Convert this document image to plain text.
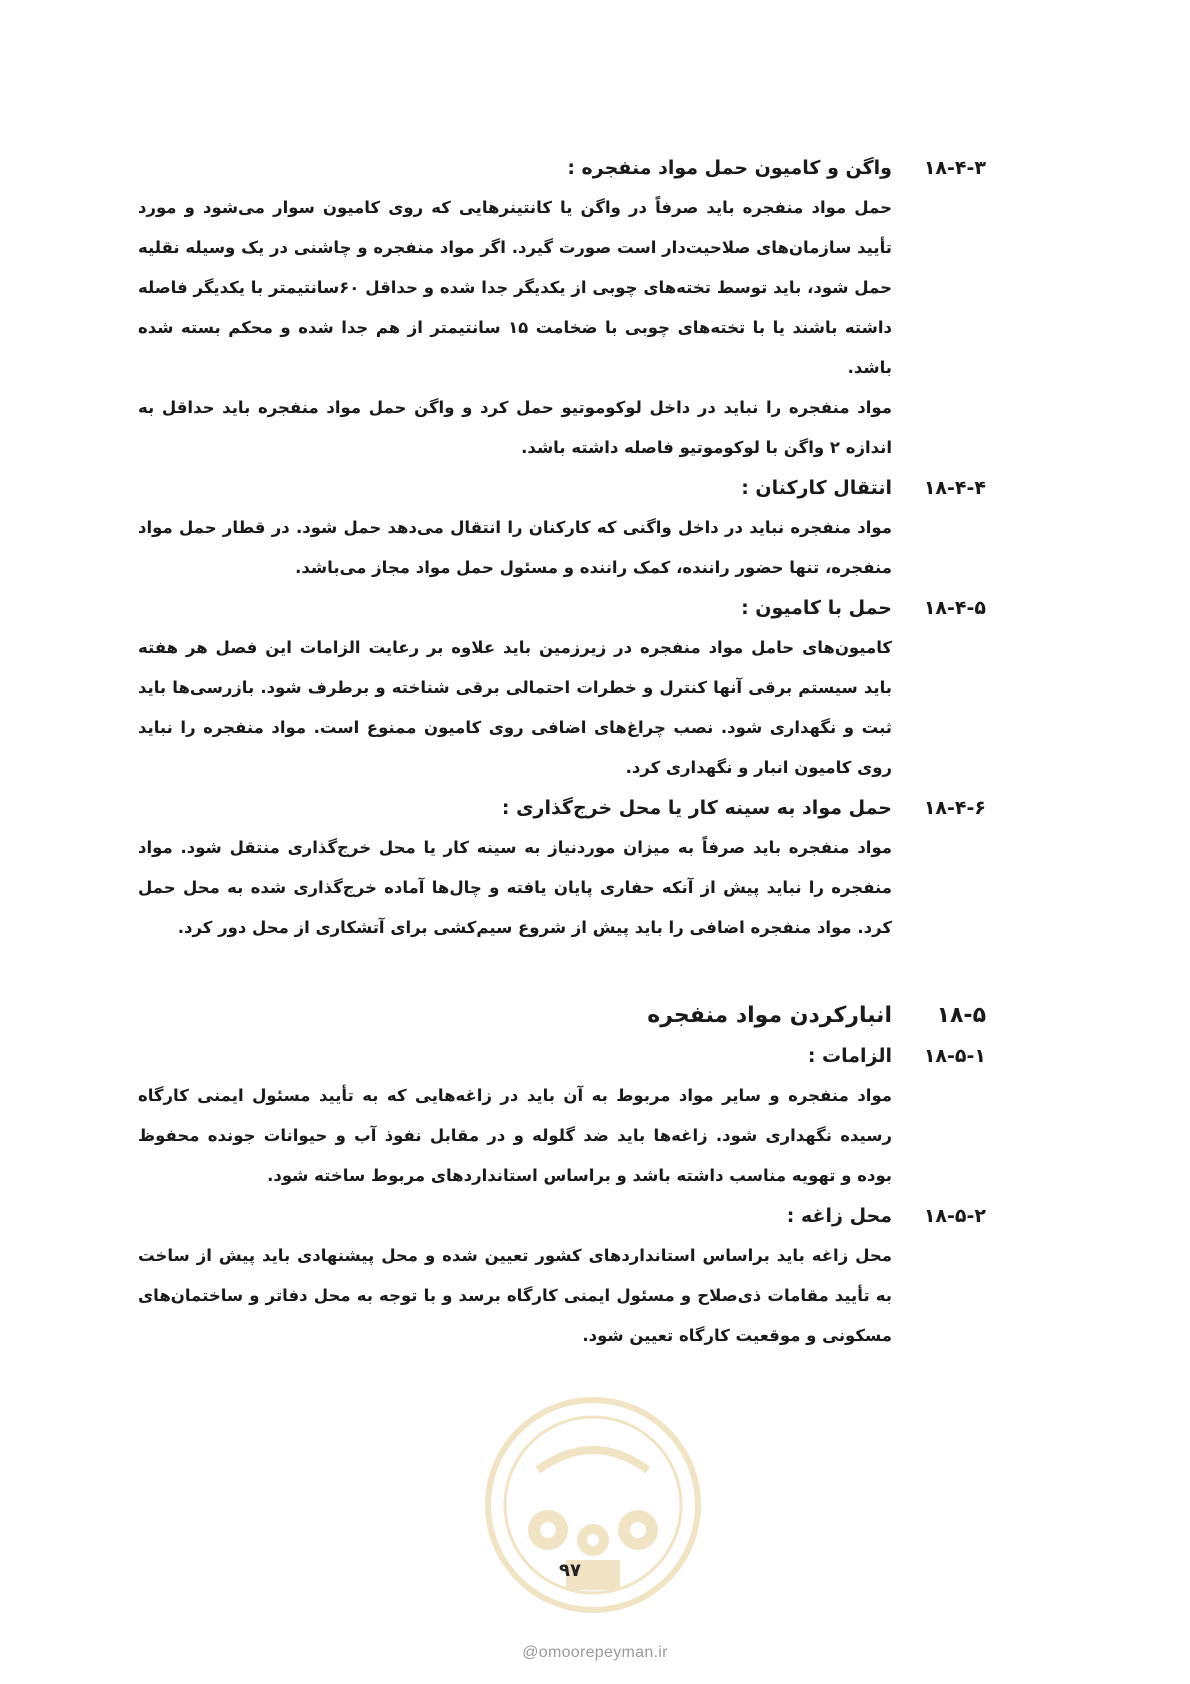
۱۸-۴-۳
واگن و کامیون حمل مواد منفجره :

حمل مواد منفجره باید صرفاً در واگن یا کانتینرهایی که روی کامیون سوار می‌شود و مورد تأیید سازمان‌های صلاحیت‌دار است صورت گیرد. اگر مواد منفجره و چاشنی در یک وسیله نقلیه حمل شود، باید توسط تخته‌های چوبی از یکدیگر جدا شده و حداقل ۶۰سانتیمتر با یکدیگر فاصله داشته باشند یا با تخته‌های چوبی با ضخامت ۱۵ سانتیمتر از هم جدا شده و محکم بسته شده باشد.

مواد منفجره را نباید در داخل لوکوموتیو حمل کرد و واگن حمل مواد منفجره باید حداقل به اندازه ۲ واگن با لوکوموتیو فاصله داشته باشد.

۱۸-۴-۴
انتقال کارکنان :

مواد منفجره نباید در داخل واگنی که کارکنان را انتقال می‌دهد حمل شود. در قطار حمل مواد منفجره، تنها حضور راننده، کمک راننده و مسئول حمل مواد مجاز می‌باشد.

۱۸-۴-۵
حمل با کامیون :

کامیون‌های حامل مواد منفجره در زیرزمین باید علاوه بر رعایت الزامات این فصل هر هفته باید سیستم برقی آنها کنترل و خطرات احتمالی برقی شناخته و برطرف شود. بازرسی‌ها باید ثبت و نگهداری شود. نصب چراغ‌های اضافی روی کامیون ممنوع است. مواد منفجره را نباید روی کامیون انبار و نگهداری کرد.

۱۸-۴-۶
حمل مواد به سینه کار یا محل خرج‌گذاری :

مواد منفجره باید صرفاً به میزان موردنیاز به سینه کار یا محل خرج‌گذاری منتقل شود. مواد منفجره را نباید پیش از آنکه حفاری پایان یافته و چال‌ها آماده خرج‌گذاری شده به محل حمل کرد. مواد منفجره اضافی را باید پیش از شروع سیم‌کشی برای آتشکاری از محل دور کرد.

۱۸-۵
انبارکردن مواد منفجره
۱۸-۵-۱
الزامات :

مواد منفجره و سایر مواد مربوط به آن باید در زاغه‌هایی که به تأیید مسئول ایمنی کارگاه رسیده نگهداری شود. زاغه‌ها باید ضد گلوله و در مقابل نفوذ آب و حیوانات جونده محفوظ بوده و تهویه مناسب داشته باشد و براساس استانداردهای مربوط ساخته شود.

۱۸-۵-۲
محل زاغه :

محل زاغه باید براساس استانداردهای کشور تعیین شده و محل پیشنهادی باید پیش از ساخت به تأیید مقامات ذی‌صلاح و مسئول ایمنی کارگاه برسد و با توجه به محل دفاتر و ساختمان‌های مسکونی و موقعیت کارگاه تعیین شود.

۹۷
@omoorepeyman.ir
